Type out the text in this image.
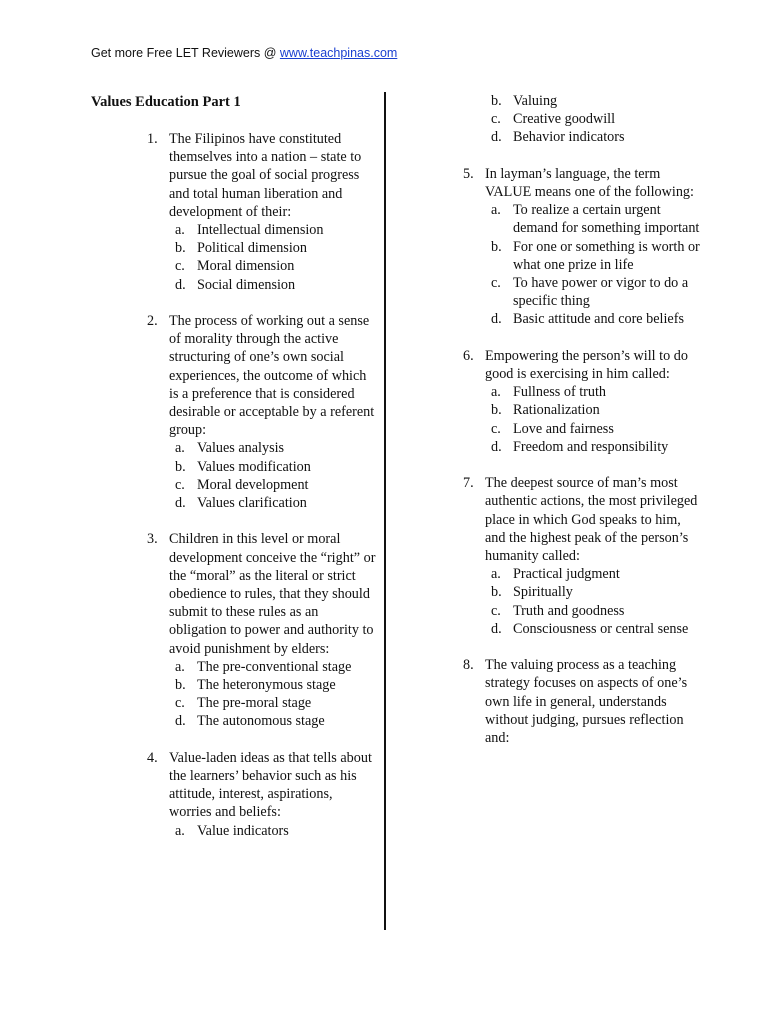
Get more Free LET Reviewers @ www.teachpinas.com
Values Education Part 1
1. The Filipinos have constituted themselves into a nation – state to pursue the goal of social progress and total human liberation and development of their:
a. Intellectual dimension
b. Political dimension
c. Moral dimension
d. Social dimension
2. The process of working out a sense of morality through the active structuring of one’s own social experiences, the outcome of which is a preference that is considered desirable or acceptable by a referent group:
a. Values analysis
b. Values modification
c. Moral development
d. Values clarification
3. Children in this level or moral development conceive the “right” or the “moral” as the literal or strict obedience to rules, that they should submit to these rules as an obligation to power and authority to avoid punishment by elders:
a. The pre-conventional stage
b. The heteronymous stage
c. The pre-moral stage
d. The autonomous stage
4. Value-laden ideas as that tells about the learners’ behavior such as his attitude, interest, aspirations, worries and beliefs:
a. Value indicators
b. Valuing
c. Creative goodwill
d. Behavior indicators
5. In layman’s language, the term VALUE means one of the following:
a. To realize a certain urgent demand for something important
b. For one or something is worth or what one prize in life
c. To have power or vigor to do a specific thing
d. Basic attitude and core beliefs
6. Empowering the person’s will to do good is exercising in him called:
a. Fullness of truth
b. Rationalization
c. Love and fairness
d. Freedom and responsibility
7. The deepest source of man’s most authentic actions, the most privileged place in which God speaks to him, and the highest peak of the person’s humanity called:
a. Practical judgment
b. Spiritually
c. Truth and goodness
d. Consciousness or central sense
8. The valuing process as a teaching strategy focuses on aspects of one’s own life in general, understands without judging, pursues reflection and:
